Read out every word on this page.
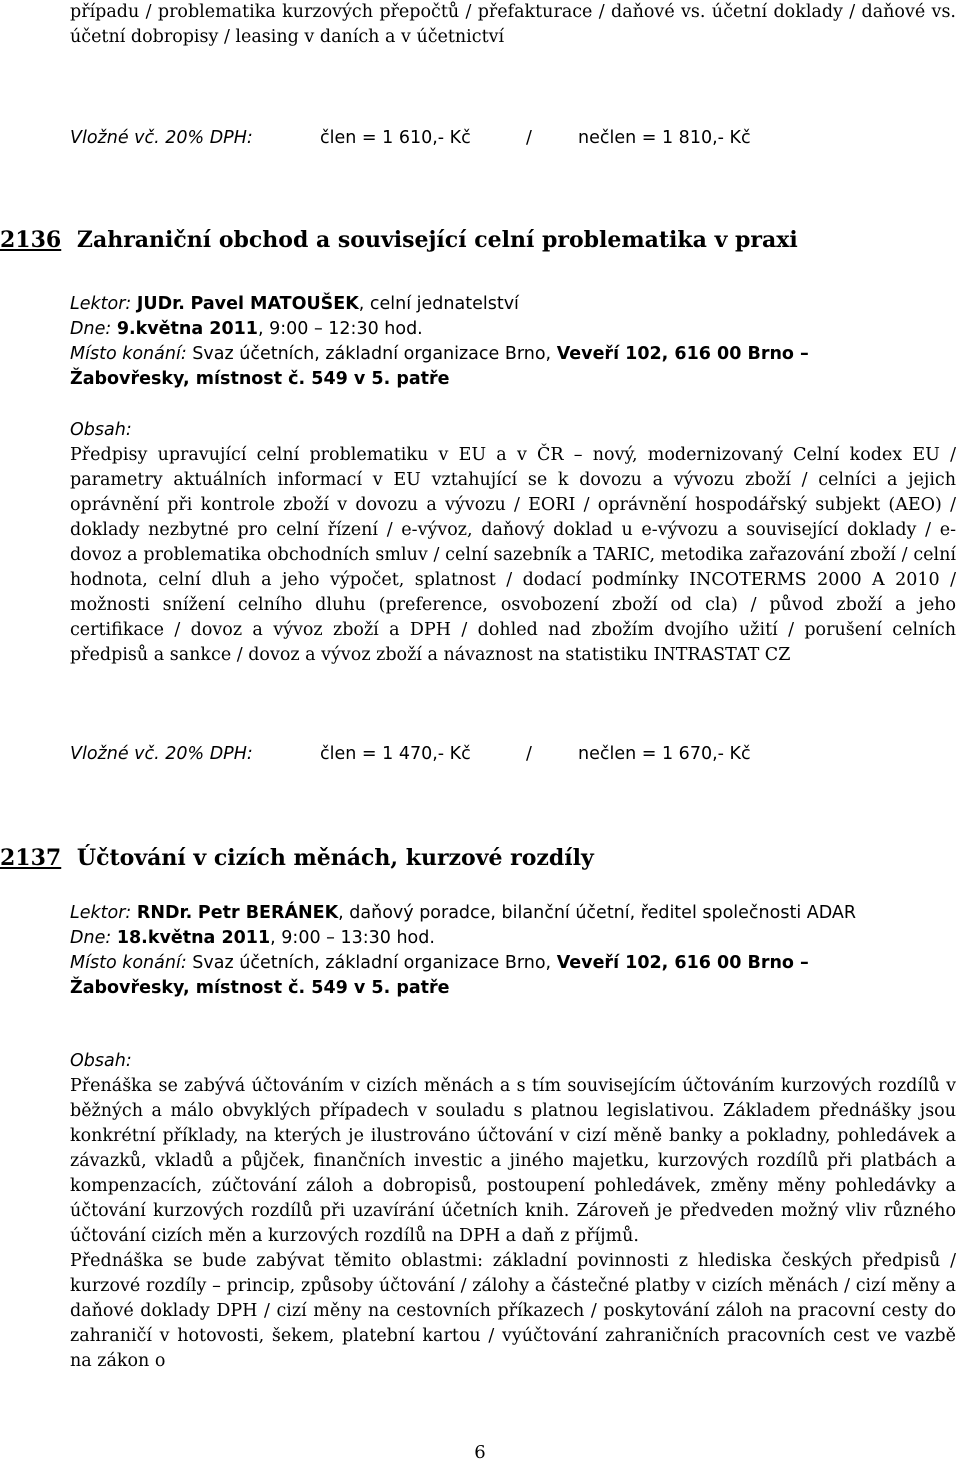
případu / problematika kurzových přepočtů / přefakturace / daňové vs. účetní doklady / daňové vs. účetní dobropisy / leasing v daních a v účetnictví

Vložné vč. 20% DPH:	člen = 1 610,- Kč	/	nečlen = 1 810,- Kč
2136 Zahraniční obchod a související celní problematika v praxi
Lektor: JUDr. Pavel MATOUŠEK, celní jednatelství
Dne: 9.května 2011, 9:00 – 12:30 hod.
Místo konání: Svaz účetních, základní organizace Brno, Veveří 102, 616 00 Brno – Žabovřesky, místnost č. 549 v 5. patře
Obsah:

Předpisy upravující celní problematiku v EU a v ČR – nový, modernizovaný Celní kodex EU / parametry aktuálních informací v EU vztahující se k dovozu a vývozu zboží / celníci a jejich oprávnění při kontrole zboží v dovozu a vývozu / EORI / oprávnění hospodářský subjekt (AEO) / doklady nezbytné pro celní řízení / e-vývoz, daňový doklad u e-vývozu a související doklady / e-dovoz a problematika obchodních smluv / celní sazebník a TARIC, metodika zařazování zboží / celní hodnota, celní dluh a jeho výpočet, splatnost / dodací podmínky INCOTERMS 2000 A 2010 / možnosti snížení celního dluhu (preference, osvobození zboží od cla) / původ zboží a jeho certifikace / dovoz a vývoz zboží a DPH / dohled nad zbožím dvojího užití / porušení celních předpisů a sankce / dovoz a vývoz zboží a návaznost na statistiku INTRASTAT CZ

Vložné vč. 20% DPH:	člen = 1 470,- Kč	/	nečlen = 1 670,- Kč
2137 Účtování v cizích měnách, kurzové rozdíly
Lektor: RNDr. Petr BERÁNEK, daňový poradce, bilanční účetní, ředitel společnosti ADAR
Dne: 18.května 2011, 9:00 – 13:30 hod.
Místo konání: Svaz účetních, základní organizace Brno, Veveří 102, 616 00 Brno – Žabovřesky, místnost č. 549 v 5. patře
Obsah:

Přenáška se zabývá účtováním v cizích měnách a s tím souvisejícím účtováním kurzových rozdílů v běžných a málo obvyklých případech v souladu s platnou legislativou. Základem přednášky jsou konkrétní příklady, na kterých je ilustrováno účtování v cizí měně banky a pokladny, pohledávek a závazků, vkladů a půjček, finančních investic a jiného majetku, kurzových rozdílů při platbách a kompenzacích, zúčtování záloh a dobropisů, postoupení pohledávek, změny měny pohledávky a účtování kurzových rozdílů při uzavírání účetních knih. Zároveň je předveden možný vliv různého účtování cizích měn a kurzových rozdílů na DPH a daň z příjmů.

Přednáška se bude zabývat těmito oblastmi: základní povinnosti z hlediska českých předpisů / kurzové rozdíly – princip, způsoby účtování / zálohy a částečné platby v cizích měnách / cizí měny a daňové doklady DPH / cizí měny na cestovních příkazech / poskytování záloh na pracovní cesty do zahraničí v hotovosti, šekem, platební kartou / vyúčtování zahraničních pracovních cest ve vazbě na zákon o

6
